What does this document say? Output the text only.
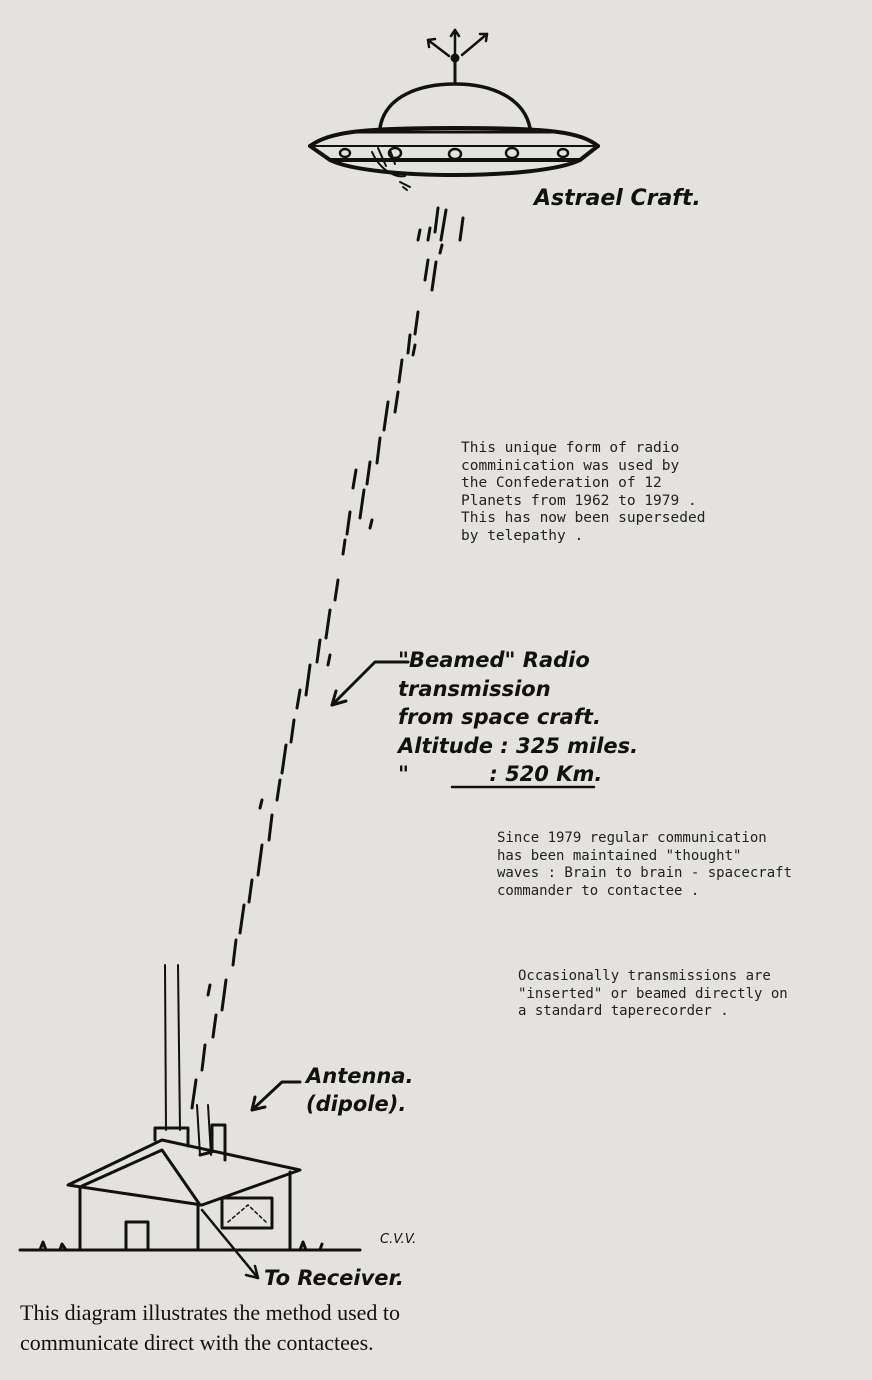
Astrael Craft.
"Beamed" Radio
transmission
from space craft.
Altitude : 325 miles.
"           : 520 Km.
Antenna.
(dipole).
To Receiver.
C.V.V.
This unique form of radio
comminication was used by
the Confederation of 12
Planets from 1962 to 1979 .
This has now been superseded
by telepathy .
Since 1979 regular communication
has been maintained "thought"
waves : Brain to brain - spacecraft
commander to contactee .
Occasionally transmissions are
"inserted" or beamed directly on
a standard taperecorder .
This diagram illustrates the method used to
communicate direct with the contactees.
